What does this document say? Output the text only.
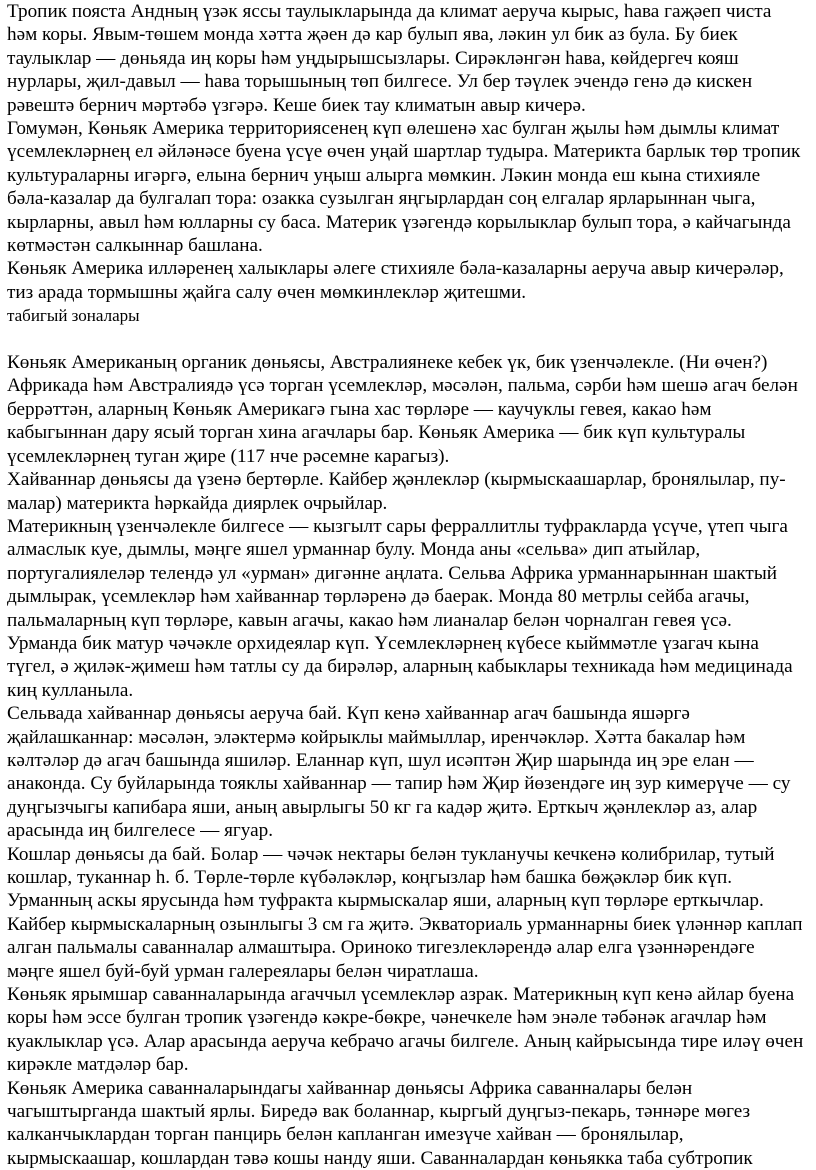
Тропик пояста Андның үзәк яссы таулыкларында да климат аеруча кырыс, һава гаҗәеп чиста һәм коры. Явым-төшем монда хәтта җәен дә кар булып ява, ләкин ул бик аз була. Бу биек таулыклар — дөньяда иң коры һәм уңдырышсызлары. Сирәкләнгән һава, көйдергеч кояш нурлары, җил-давыл — һава торышының төп билгесе. Ул бер тәүлек эчендә генә дә кискен рәвештә бернич мәртәбә үзгәрә. Кеше биек тау климатын авыр кичерә.

Гомумән, Көньяк Америка территориясенең күп өлешенә хас булган җылы һәм дымлы климат үсемлекләрнең ел әйләнәсе буена үсүе өчен уңай шартлар тудыра. Материкта барлык төр тропик культураларны игәргә, елына бернич уңыш алырга мөмкин. Ләкин монда еш кына стихияле бәла-казалар да булгалап тора: озакка сузылган яңгырлардан соң елгалар ярларыннан чыга, кырларны, авыл һәм юлларны су баса. Материк үзәгендә корылыклар булып тора, ә кайчагында көтмәстән салкыннар башлана.

Көньяк Америка илләренең халыклары әлеге стихияле бәла-казаларны аеруча авыр кичерәләр, тиз арада тормышны җайга салу өчен мөмкинлекләр җитешми.

табигый зоналары

Көньяк Американың органик дөньясы, Австралиянеке кебек үк, бик үзенчәлекле. (Ни өчен?) Африкада һәм Австралиядә үсә торган үсемлекләр, мәсәлән, пальма, сәрби һәм шешә агач белән беррәттән, аларның Көньяк Америкагә гына хас төрләре — каучуклы гевея, какао һәм кабыгыннан дару ясый торган хина агачлары бар. Көньяк Америка — бик күп культуралы үсемлекләрнең туган җире (117 нче рәсемне карагыз).

Хайваннар дөньясы да үзенә бертөрле. Кайбер җәнлекләр (кырмыскаашарлар, бронялылар, пу-малар) материкта һәркайда диярлек очрыйлар.

Материкның үзенчәлекле билгесе — кызгылт сары ферраллитлы туфракларда үсүче, үтеп чыга алмаслык куе, дымлы, мәңге яшел урманнар булу. Монда аны «сельва» дип атыйлар, португалиялеләр телендә ул «урман» дигәнне аңлата. Сельва Африка урманнарыннан шактый дымлырак, үсемлекләр һәм хайваннар төрләренә дә баерак. Монда 80 метрлы сейба агачы, пальмаларның күп төрләре, кавын агачы, какао һәм лианалар белән чорналган гевея үсә. Урманда бик матур чәчәкле орхидеялар күп. Үсемлекләрнең күбесе кыйммәтле үзагач кына түгел, ә җиләк-җимеш һәм татлы су да бирәләр, аларның кабыклары техникада һәм медицинада киң кулланыла.

Сельвада хайваннар дөньясы аеруча бай. Күп кенә хайваннар агач башында яшәргә җайлашканнар: мәсәлән, эләктермә койрыклы маймыллар, иренчәкләр. Хәтта бакалар һәм кәлтәләр дә агач башында яшиләр. Еланнар күп, шул исәптән Җир шарында иң эре елан — анаконда. Су буйларында тояклы хайваннар — тапир һәм Җир йөзендәге иң зур кимерүче — су дуңгызчыгы капибара яши, аның авырлыгы 50 кг га кадәр җитә. Ерткыч җәнлекләр аз, алар арасында иң билгелесе — ягуар.

Кошлар дөньясы да бай. Болар — чәчәк нектары белән тукланучы кечкенә колибрилар, тутый кошлар, туканнар һ. б. Төрле-төрле күбәләкләр, коңгызлар һәм башка бөҗәкләр бик күп. Урманның аскы ярусында һәм туфракта кырмыскалар яши, аларның күп төрләре ерткычлар. Кайбер кырмыскаларның озынлыгы 3 см га җитә. Экваториаль урманнарны биек үләннәр каплап алган пальмалы саванналар алмаштыра. Ориноко тигезлекләрендә алар елга үзәннәрендәге мәңге яшел буй-буй урман галереялары белән чиратлаша.

Көньяк ярымшар саванналарында агаччыл үсемлекләр азрак. Материкның күп кенә айлар буена коры һәм эссе булган тропик үзәгендә кәкре-бөкре, чәнечкеле һәм энәле тәбәнәк агачлар һәм куаклыклар үсә. Алар арасында аеруча кебрачо агачы билгеле. Аның кайрысында тире иләү өчен кирәкле матдәләр бар.

Көньяк Америка саванналарындагы хайваннар дөньясы Африка саванналары белән чагыштырганда шактый ярлы. Биредә вак боланнар, кыргый дуңгыз-пекарь, тәннәре мөгез калканчыклардан торган панцирь белән капланган имезүче хайван — бронялылар, кырмыскаашар, кошлардан тәвә кошы нанду яши. Саванналардан көньякка таба субтропик
